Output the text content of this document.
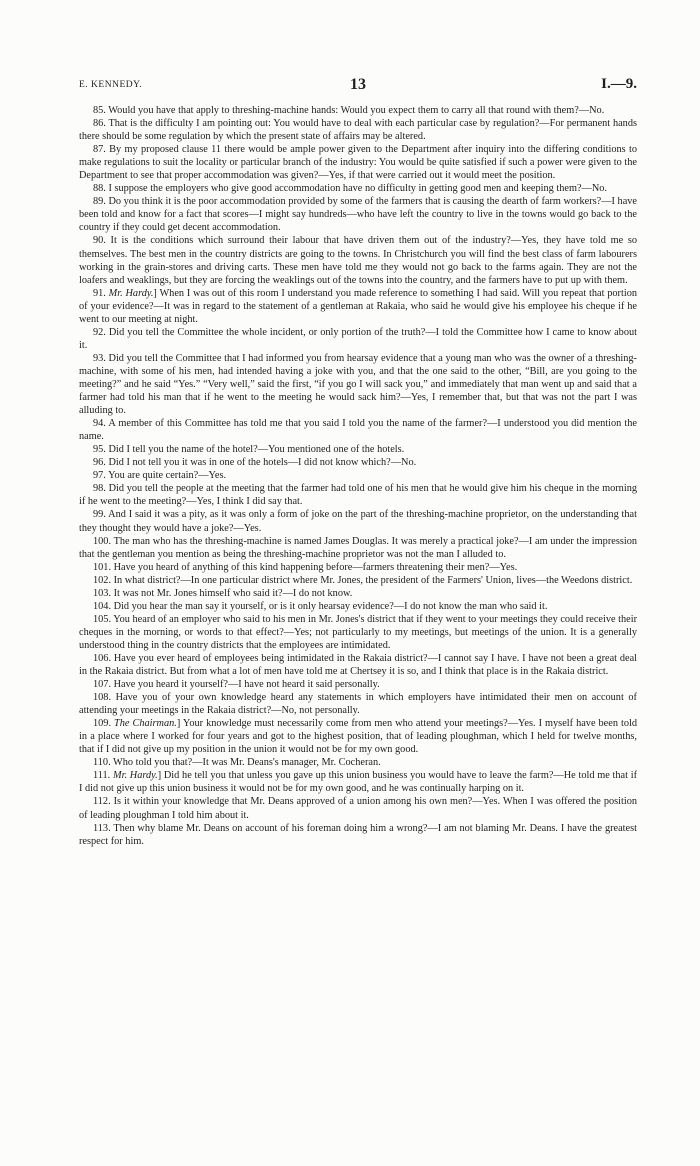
E. KENNEDY.	13	I.—9.

85. Would you have that apply to threshing-machine hands: Would you expect them to carry all that round with them?—No.

86. That is the difficulty I am pointing out: You would have to deal with each particular case by regulation?—For permanent hands there should be some regulation by which the present state of affairs may be altered.

87. By my proposed clause 11 there would be ample power given to the Department after inquiry into the differing conditions to make regulations to suit the locality or particular branch of the industry: You would be quite satisfied if such a power were given to the Department to see that proper accommodation was given?—Yes, if that were carried out it would meet the position.

88. I suppose the employers who give good accommodation have no difficulty in getting good men and keeping them?—No.

89. Do you think it is the poor accommodation provided by some of the farmers that is causing the dearth of farm workers?—I have been told and know for a fact that scores—I might say hundreds—who have left the country to live in the towns would go back to the country if they could get decent accommodation.

90. It is the conditions which surround their labour that have driven them out of the industry?—Yes, they have told me so themselves. The best men in the country districts are going to the towns. In Christchurch you will find the best class of farm labourers working in the grain-stores and driving carts. These men have told me they would not go back to the farms again. They are not the loafers and weaklings, but they are forcing the weaklings out of the towns into the country, and the farmers have to put up with them.

91. Mr. Hardy.] When I was out of this room I understand you made reference to something I had said. Will you repeat that portion of your evidence?—It was in regard to the statement of a gentleman at Rakaia, who said he would give his employee his cheque if he went to our meeting at night.

92. Did you tell the Committee the whole incident, or only portion of the truth?—I told the Committee how I came to know about it.

93. Did you tell the Committee that I had informed you from hearsay evidence that a young man who was the owner of a threshing-machine, with some of his men, had intended having a joke with you, and that the one said to the other, “Bill, are you going to the meeting?” and he said “Yes.” “Very well,” said the first, “if you go I will sack you,” and immediately that man went up and said that a farmer had told his man that if he went to the meeting he would sack him?—Yes, I remember that, but that was not the part I was alluding to.

94. A member of this Committee has told me that you said I told you the name of the farmer?—I understood you did mention the name.

95. Did I tell you the name of the hotel?—You mentioned one of the hotels.

96. Did I not tell you it was in one of the hotels—I did not know which?—No.

97. You are quite certain?—Yes.

98. Did you tell the people at the meeting that the farmer had told one of his men that he would give him his cheque in the morning if he went to the meeting?—Yes, I think I did say that.

99. And I said it was a pity, as it was only a form of joke on the part of the threshing-machine proprietor, on the understanding that they thought they would have a joke?—Yes.

100. The man who has the threshing-machine is named James Douglas. It was merely a practical joke?—I am under the impression that the gentleman you mention as being the threshing-machine proprietor was not the man I alluded to.

101. Have you heard of anything of this kind happening before—farmers threatening their men?—Yes.

102. In what district?—In one particular district where Mr. Jones, the president of the Farmers' Union, lives—the Weedons district.

103. It was not Mr. Jones himself who said it?—I do not know.

104. Did you hear the man say it yourself, or is it only hearsay evidence?—I do not know the man who said it.

105. You heard of an employer who said to his men in Mr. Jones's district that if they went to your meetings they could receive their cheques in the morning, or words to that effect?—Yes; not particularly to my meetings, but meetings of the union. It is a generally understood thing in the country districts that the employees are intimidated.

106. Have you ever heard of employees being intimidated in the Rakaia district?—I cannot say I have. I have not been a great deal in the Rakaia district. But from what a lot of men have told me at Chertsey it is so, and I think that place is in the Rakaia district.

107. Have you heard it yourself?—I have not heard it said personally.

108. Have you of your own knowledge heard any statements in which employers have intimidated their men on account of attending your meetings in the Rakaia district?—No, not personally.

109. The Chairman.] Your knowledge must necessarily come from men who attend your meetings?—Yes. I myself have been told in a place where I worked for four years and got to the highest position, that of leading ploughman, which I held for twelve months, that if I did not give up my position in the union it would not be for my own good.

110. Who told you that?—It was Mr. Deans's manager, Mr. Cocheran.

111. Mr. Hardy.] Did he tell you that unless you gave up this union business you would have to leave the farm?—He told me that if I did not give up this union business it would not be for my own good, and he was continually harping on it.

112. Is it within your knowledge that Mr. Deans approved of a union among his own men?—Yes. When I was offered the position of leading ploughman I told him about it.

113. Then why blame Mr. Deans on account of his foreman doing him a wrong?—I am not blaming Mr. Deans. I have the greatest respect for him.
